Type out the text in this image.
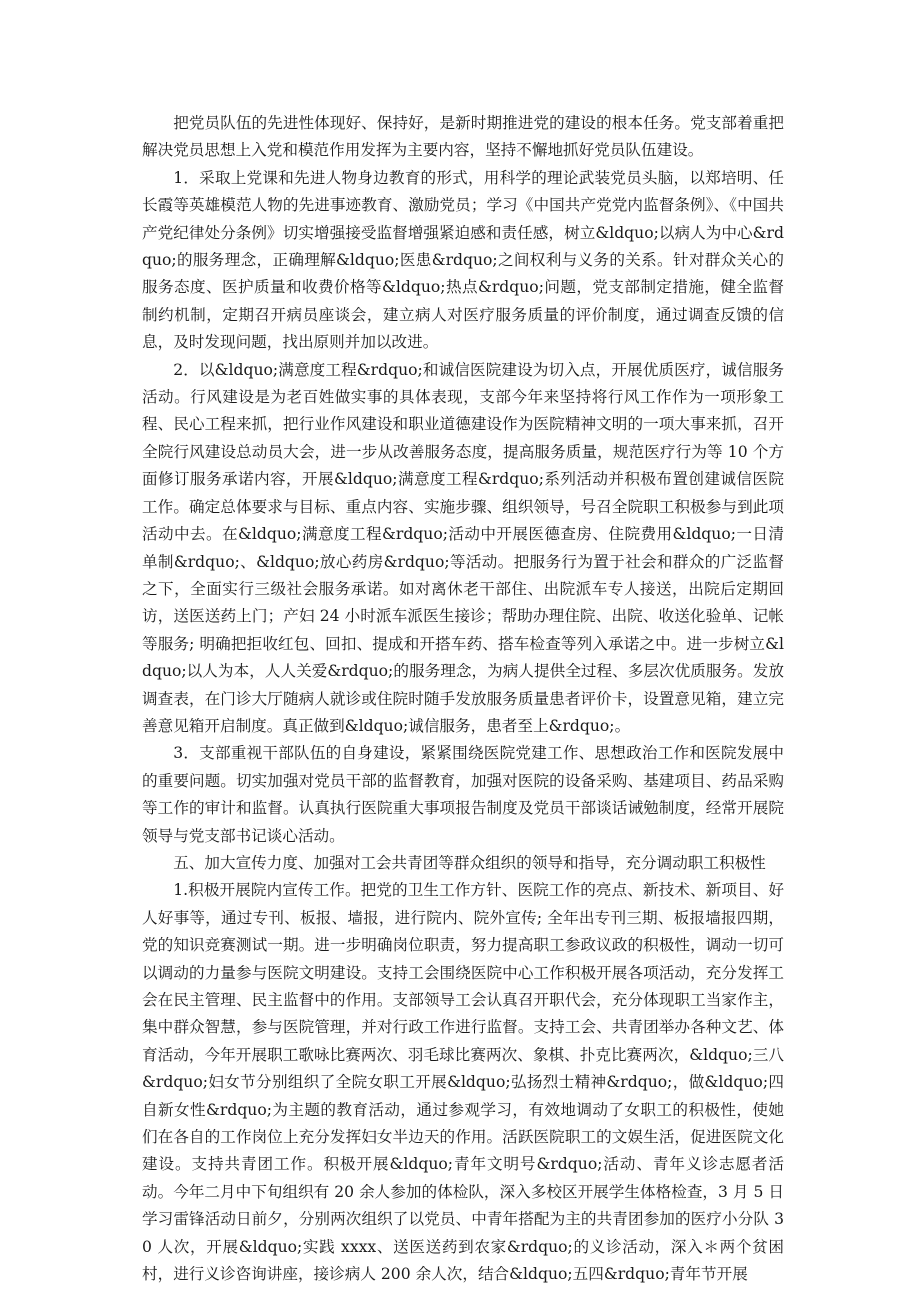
把党员队伍的先进性体现好、保持好，是新时期推进党的建设的根本任务。党支部着重把解决党员思想上入党和模范作用发挥为主要内容，坚持不懈地抓好党员队伍建设。

1．采取上党课和先进人物身边教育的形式，用科学的理论武装党员头脑，以郑培明、任长霞等英雄模范人物的先进事迹教育、激励党员；学习《中国共产党党内监督条例》、《中国共产党纪律处分条例》切实增强接受监督增强紧迫感和责任感，树立&ldquo;以病人为中心&rdquo;的服务理念，正确理解&ldquo;医患&rdquo;之间权利与义务的关系。针对群众关心的服务态度、医护质量和收费价格等&ldquo;热点&rdquo;问题，党支部制定措施，健全监督制约机制，定期召开病员座谈会，建立病人对医疗服务质量的评价制度，通过调查反馈的信息，及时发现问题，找出原则并加以改进。

2．以&ldquo;满意度工程&rdquo;和诚信医院建设为切入点，开展优质医疗，诚信服务活动。行风建设是为老百姓做实事的具体表现，支部今年来坚持将行风工作作为一项形象工程、民心工程来抓，把行业作风建设和职业道德建设作为医院精神文明的一项大事来抓，召开全院行风建设总动员大会，进一步从改善服务态度，提高服务质量，规范医疗行为等 10 个方面修订服务承诺内容，开展&ldquo;满意度工程&rdquo;系列活动并积极布置创建诚信医院工作。确定总体要求与目标、重点内容、实施步骤、组织领导，号召全院职工积极参与到此项活动中去。在&ldquo;满意度工程&rdquo;活动中开展医德查房、住院费用&ldquo;一日清单制&rdquo;、&ldquo;放心药房&rdquo;等活动。把服务行为置于社会和群众的广泛监督之下，全面实行三级社会服务承诺。如对离休老干部住、出院派车专人接送，出院后定期回访，送医送药上门；产妇 24 小时派车派医生接诊；帮助办理住院、出院、收送化验单、记帐等服务; 明确把拒收红包、回扣、提成和开搭车药、搭车检查等列入承诺之中。进一步树立&ldquo;以人为本，人人关爱&rdquo;的服务理念，为病人提供全过程、多层次优质服务。发放调查表，在门诊大厅随病人就诊或住院时随手发放服务质量患者评价卡，设置意见箱，建立完善意见箱开启制度。真正做到&ldquo;诚信服务，患者至上&rdquo;。

3．支部重视干部队伍的自身建设，紧紧围绕医院党建工作、思想政治工作和医院发展中的重要问题。切实加强对党员干部的监督教育，加强对医院的设备采购、基建项目、药品采购等工作的审计和监督。认真执行医院重大事项报告制度及党员干部谈话诫勉制度，经常开展院领导与党支部书记谈心活动。

五、加大宣传力度、加强对工会共青团等群众组织的领导和指导，充分调动职工积极性

1.积极开展院内宣传工作。把党的卫生工作方针、医院工作的亮点、新技术、新项目、好人好事等，通过专刊、板报、墙报，进行院内、院外宣传; 全年出专刊三期、板报墙报四期，党的知识竞赛测试一期。进一步明确岗位职责，努力提高职工参政议政的积极性，调动一切可以调动的力量参与医院文明建设。支持工会围绕医院中心工作积极开展各项活动，充分发挥工会在民主管理、民主监督中的作用。支部领导工会认真召开职代会，充分体现职工当家作主，集中群众智慧，参与医院管理，并对行政工作进行监督。支持工会、共青团举办各种文艺、体育活动，今年开展职工歌咏比赛两次、羽毛球比赛两次、象棋、扑克比赛两次，&ldquo;三八&rdquo;妇女节分别组织了全院女职工开展&ldquo;弘扬烈士精神&rdquo;，做&ldquo;四自新女性&rdquo;为主题的教育活动，通过参观学习，有效地调动了女职工的积极性，使她们在各自的工作岗位上充分发挥妇女半边天的作用。活跃医院职工的文娱生活，促进医院文化建设。支持共青团工作。积极开展&ldquo;青年文明号&rdquo;活动、青年义诊志愿者活动。今年二月中下旬组织有 20 余人参加的体检队，深入多校区开展学生体格检查，3 月 5 日学习雷锋活动日前夕，分别两次组织了以党员、中青年搭配为主的共青团参加的医疗小分队 30 人次，开展&ldquo;实践 xxxx、送医送药到农家&rdquo;的义诊活动，深入＊两个贫困村，进行义诊咨询讲座，接诊病人 200 余人次，结合&ldquo;五四&rdquo;青年节开展
